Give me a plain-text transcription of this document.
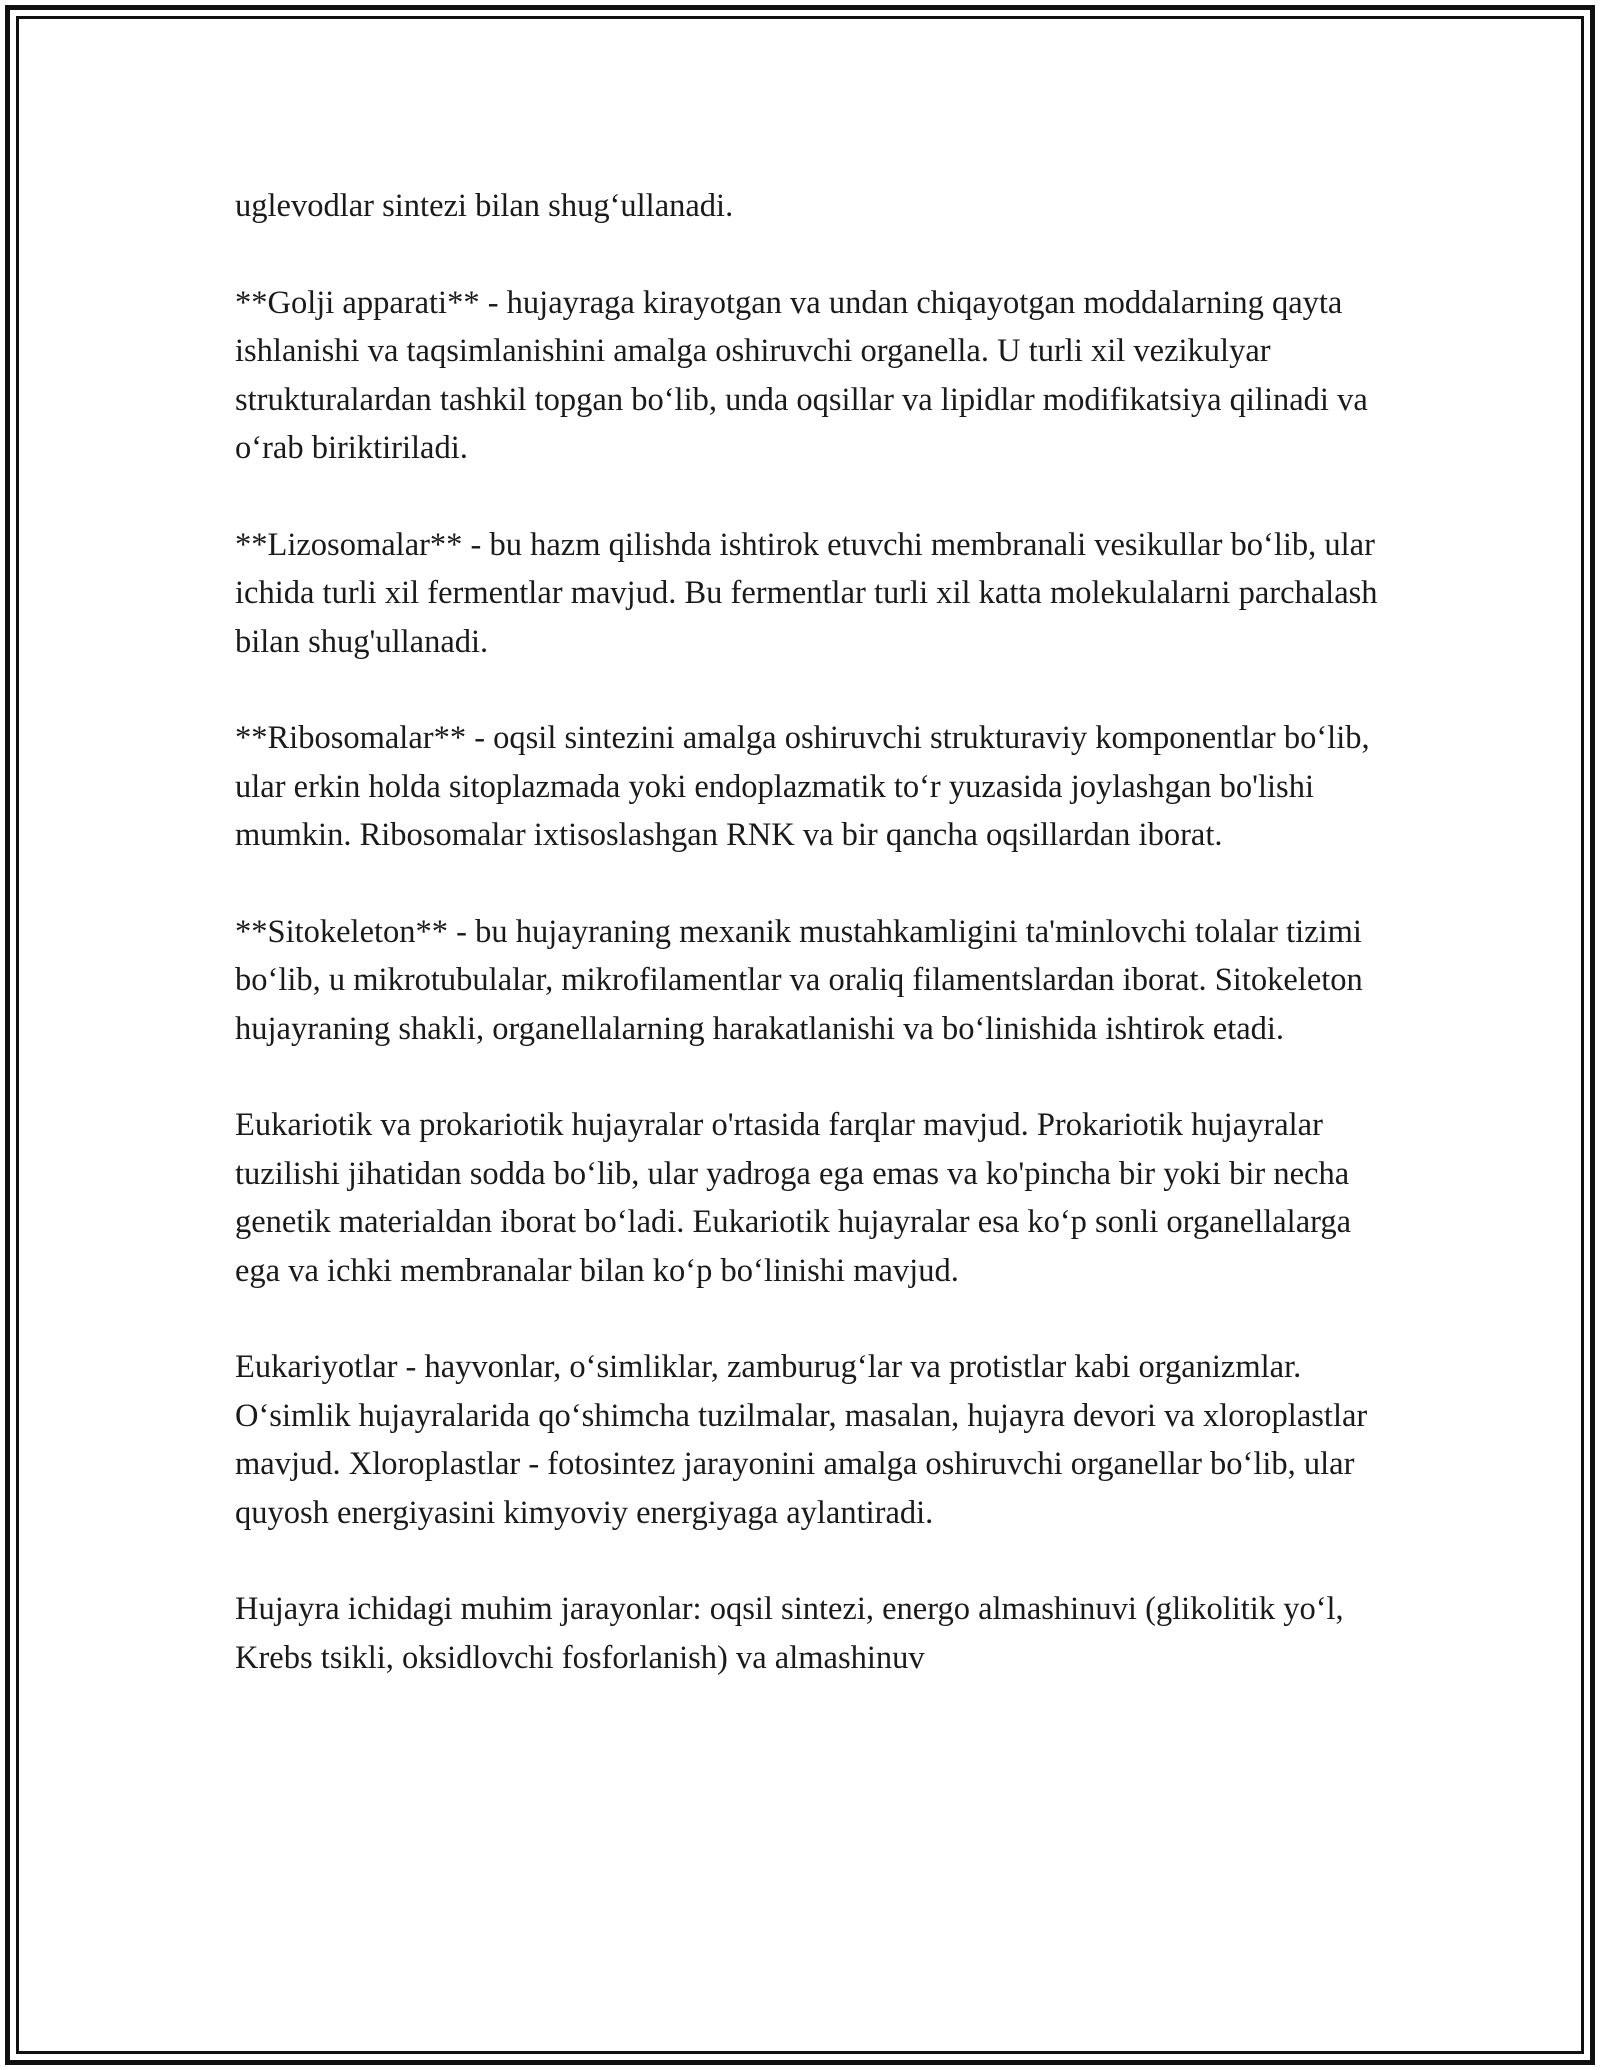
uglevodlar sintezi bilan shug‘ullanadi.

**Golji apparati** - hujayraga kirayotgan va undan chiqayotgan moddalarning qayta ishlanishi va taqsimlanishini amalga oshiruvchi organella. U turli xil vezikulyar strukturalardan tashkil topgan bo‘lib, unda oqsillar va lipidlar modifikatsiya qilinadi va o‘rab biriktiriladi.

**Lizosomalar** - bu hazm qilishda ishtirok etuvchi membranali vesikullar bo‘lib, ular ichida turli xil fermentlar mavjud. Bu fermentlar turli xil katta molekulalarni parchalash bilan shug'ullanadi.

**Ribosomalar** - oqsil sintezini amalga oshiruvchi strukturaviy komponentlar bo‘lib, ular erkin holda sitoplazmada yoki endoplazmatik to‘r yuzasida joylashgan bo'lishi mumkin. Ribosomalar ixtisoslashgan RNK va bir qancha oqsillardan iborat.

**Sitokeleton** - bu hujayraning mexanik mustahkamligini ta'minlovchi tolalar tizimi bo‘lib, u mikrotubulalar, mikrofilamentlar va oraliq filamentslardan iborat. Sitokeleton hujayraning shakli, organellalarning harakatlanishi va bo‘linishida ishtirok etadi.

Eukariotik va prokariotik hujayralar o'rtasida farqlar mavjud. Prokariotik hujayralar tuzilishi jihatidan sodda bo‘lib, ular yadroga ega emas va ko'pincha bir yoki bir necha genetik materialdan iborat bo‘ladi. Eukariotik hujayralar esa ko‘p sonli organellalarga ega va ichki membranalar bilan ko‘p bo‘linishi mavjud.

Eukariyotlar - hayvonlar, o‘simliklar, zamburug‘lar va protistlar kabi organizmlar. O‘simlik hujayralarida qo‘shimcha tuzilmalar, masalan, hujayra devori va xloroplastlar mavjud. Xloroplastlar - fotosintez jarayonini amalga oshiruvchi organellar bo‘lib, ular quyosh energiyasini kimyoviy energiyaga aylantiradi.

Hujayra ichidagi muhim jarayonlar: oqsil sintezi, energo almashinuvi (glikolitik yo‘l, Krebs tsikli, oksidlovchi fosforlanish) va almashinuv
